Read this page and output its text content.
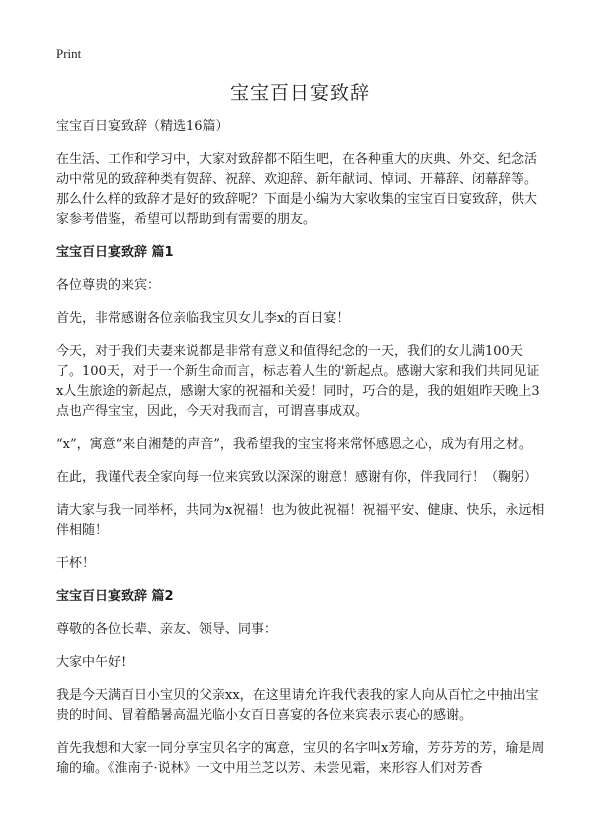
Print
宝宝百日宴致辞

宝宝百日宴致辞（精选16篇）

在生活、工作和学习中，大家对致辞都不陌生吧，在各种重大的庆典、外交、纪念活动中常见的致辞种类有贺辞、祝辞、欢迎辞、新年献词、悼词、开幕辞、闭幕辞等。那么什么样的致辞才是好的致辞呢？下面是小编为大家收集的宝宝百日宴致辞，供大家参考借鉴，希望可以帮助到有需要的朋友。

宝宝百日宴致辞 篇1

各位尊贵的来宾：

首先，非常感谢各位亲临我宝贝女儿李x的百日宴！

今天，对于我们夫妻来说都是非常有意义和值得纪念的一天，我们的女儿满100天了。100天，对于一个新生命而言，标志着人生的'新起点。感谢大家和我们共同见证x人生旅途的新起点，感谢大家的祝福和关爱！同时，巧合的是，我的姐姐昨天晚上3点也产得宝宝，因此，今天对我而言，可谓喜事成双。

“x”，寓意“来自湘楚的声音”，我希望我的宝宝将来常怀感恩之心，成为有用之材。

在此，我谨代表全家向每一位来宾致以深深的谢意！感谢有你，伴我同行！（鞠躬）

请大家与我一同举杯，共同为x祝福！也为彼此祝福！祝福平安、健康、快乐，永远相伴相随！

干杯！

宝宝百日宴致辞 篇2

尊敬的各位长辈、亲友、领导、同事：

大家中午好!

我是今天满百日小宝贝的父亲xx，在这里请允许我代表我的家人向从百忙之中抽出宝贵的时间、冒着酷暑高温光临小女百日喜宴的各位来宾表示衷心的感谢。

首先我想和大家一同分享宝贝名字的寓意，宝贝的名字叫x芳瑜，芳芬芳的芳，瑜是周瑜的瑜。《淮南子·说林》一文中用兰芝以芳、未尝见霜，来形容人们对芳香
